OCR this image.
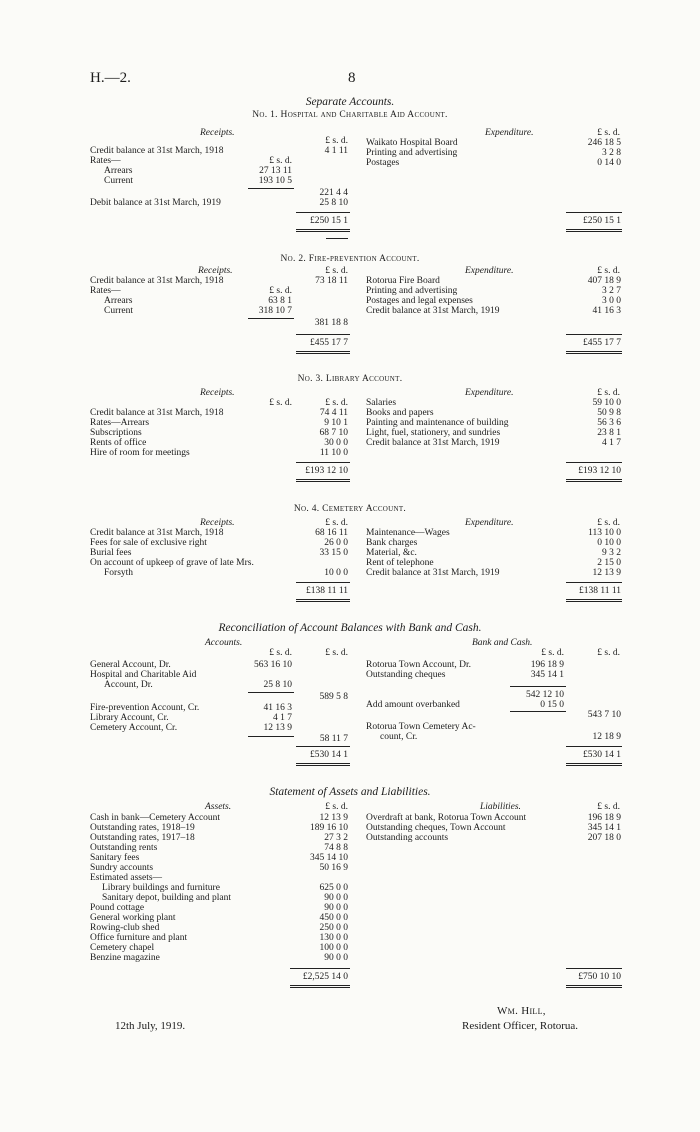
H.—2.	8
Separate Accounts.
No. 1. Hospital and Charitable Aid Account.
Receipts.	Expenditure.
£ s. d.
£ s. d.
Credit balance at 31st March, 1918	4 1 11
Rates—	£ s. d.
Arrears	27 13 11
Current	193 10 5
221 4 4
Debit balance at 31st March, 1919	25 8 10
£250 15 1
Waikato Hospital Board	246 18 5
Printing and advertising	3 2 8
Postages	0 14 0
£250 15 1
No. 2. Fire-prevention Account.
£ s. d.	£ s. d.
Receipts.	Expenditure.
Credit balance at 31st March, 1918	73 18 11
Rates—	£ s. d.
Arrears	63 8 1
Current	318 10 7
381 18 8
£455 17 7
Rotorua Fire Board	407 18 9
Printing and advertising	3 2 7
Postages and legal expenses	3 0 0
Credit balance at 31st March, 1919	41 16 3
£455 17 7
No. 3. Library Account.
Receipts.	Expenditure.	£ s. d.
£ s. d.	£ s. d.
Credit balance at 31st March, 1918	74 4 11
Rates—Arrears	9 10 1
Subscriptions	68 7 10
Rents of office	30 0 0
Hire of room for meetings	11 10 0
£193 12 10
Salaries	59 10 0
Books and papers	50 9 8
Painting and maintenance of building	56 3 6
Light, fuel, stationery, and sundries	23 8 1
Credit balance at 31st March, 1919	4 1 7
£193 12 10
No. 4. Cemetery Account.
Receipts.	Expenditure.
£ s. d.	£ s. d.
Credit balance at 31st March, 1918	68 16 11
Fees for sale of exclusive right	26 0 0
Burial fees	33 15 0
On account of upkeep of grave of late Mrs.
Forsyth	10 0 0
£138 11 11
Maintenance—Wages	113 10 0
Bank charges	0 10 0
Material, &c.	9 3 2
Rent of telephone	2 15 0
Credit balance at 31st March, 1919	12 13 9
£138 11 11
Reconciliation of Account Balances with Bank and Cash.
Accounts.	Bank and Cash.
£ s. d.	£ s. d.	£ s. d.	£ s. d.
General Account, Dr.	563 16 10
Hospital and Charitable Aid
Account, Dr.	25 8 10
589 5 8
Fire-prevention Account, Cr.	41 16 3
Library Account, Cr.	4 1 7
Cemetery Account, Cr.	12 13 9
58 11 7
£530 14 1
Rotorua Town Account, Dr.	196 18 9
Outstanding cheques	345 14 1
542 12 10
Add amount overbanked	0 15 0
543 7 10
Rotorua Town Cemetery Ac-
count, Cr.	12 18 9
£530 14 1
Statement of Assets and Liabilities.
Assets.	Liabilities.
£ s. d.	£ s. d.
Cash in bank—Cemetery Account	12 13 9
Outstanding rates, 1918–19	189 16 10
Outstanding rates, 1917–18	27 3 2
Outstanding rents	74 8 8
Sanitary fees	345 14 10
Sundry accounts	50 16 9
Estimated assets—
Library buildings and furniture	625 0 0
Sanitary depot, building and plant	90 0 0
Pound cottage	90 0 0
General working plant	450 0 0
Rowing-club shed	250 0 0
Office furniture and plant	130 0 0
Cemetery chapel	100 0 0
Benzine magazine	90 0 0
£2,525 14 0
Overdraft at bank, Rotorua Town Account	196 18 9
Outstanding cheques, Town Account	345 14 1
Outstanding accounts	207 18 0
£750 10 10
12th July, 1919.
Wm. Hill,
Resident Officer, Rotorua.
